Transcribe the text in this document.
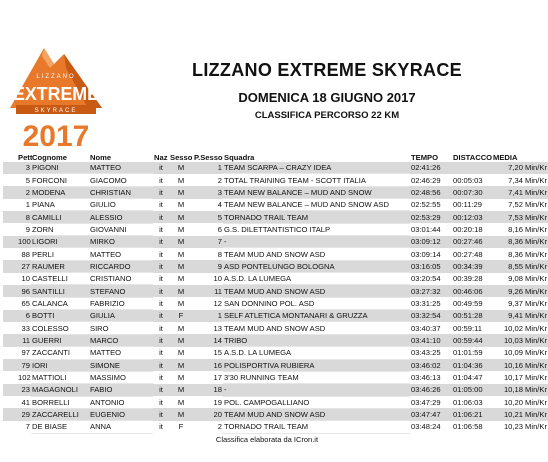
LIZZANO
EXTREME
SKYRACE
2017
LIZZANO EXTREME SKYRACE
DOMENICA 18 GIUGNO 2017
CLASSIFICA PERCORSO 22 KM
	Pett	Cognome	Nome	Naz	Sesso	P.Sesso	Squadra	TEMPO	DISTACCO	MEDIA
	3	PIGONI	MATTEO	it	M	1	TEAM SCARPA – CRAZY IDEA	02:41:26		7,20 Min/Kr
	5	FORCONI	GIACOMO	it	M	2	TOTAL TRAINING TEAM - SCOTT ITALIA	02:46:29	00:05:03	7,34 Min/Kr
	2	MODENA	CHRISTIAN	it	M	3	TEAM NEW BALANCE – MUD AND SNOW	02:48:56	00:07:30	7,41 Min/Kr
	1	PIANA	GIULIO	it	M	4	TEAM NEW BALANCE – MUD AND SNOW ASD	02:52:55	00:11:29	7,52 Min/Kr
	8	CAMILLI	ALESSIO	it	M	5	TORNADO TRAIL TEAM	02:53:29	00:12:03	7,53 Min/Kr
	9	ZORN	GIOVANNI	it	M	6	G.S. DILETTANTISTICO ITALP	03:01:44	00:20:18	8,16 Min/Kr
	100	LIGORI	MIRKO	it	M	7	-	03:09:12	00:27:46	8,36 Min/Kr
	88	PERLI	MATTEO	it	M	8	TEAM MUD AND SNOW ASD	03:09:14	00:27:48	8,36 Min/Kr
	27	RAUMER	RICCARDO	it	M	9	ASD PONTELUNGO BOLOGNA	03:16:05	00:34:39	8,55 Min/Kr
	10	CASTELLI	CRISTIANO	it	M	10	A.S.D. LA LUMEGA	03:20:54	00:39:28	9,08 Min/Kr
	96	SANTILLI	STEFANO	it	M	11	TEAM MUD AND SNOW ASD	03:27:32	00:46:06	9,26 Min/Kr
	65	CALANCA	FABRIZIO	it	M	12	SAN DONNINO POL. ASD	03:31:25	00:49:59	9,37 Min/Kr
	6	BOTTI	GIULIA	it	F	1	SELF ATLETICA MONTANARI & GRUZZA	03:32:54	00:51:28	9,41 Min/Kr
	33	COLESSO	SIRO	it	M	13	TEAM MUD AND SNOW ASD	03:40:37	00:59:11	10,02 Min/Kr
	11	GUERRI	MARCO	it	M	14	TRIBO	03:41:10	00:59:44	10,03 Min/Kr
	97	ZACCANTI	MATTEO	it	M	15	A.S.D. LA LUMEGA	03:43:25	01:01:59	10,09 Min/Kr
	79	IORI	SIMONE	it	M	16	POLISPORTIVA RUBIERA	03:46:02	01:04:36	10,16 Min/Kr
	102	MATTIOLI	MASSIMO	it	M	17	3'30 RUNNING TEAM	03:46:13	01:04:47	10,17 Min/Kr
	23	MAGAGNOLI	FABIO	it	M	18	-	03:46:26	01:05:00	10,18 Min/Kr
	41	BORRELLI	ANTONIO	it	M	19	POL. CAMPOGALLIANO	03:47:29	01:06:03	10,20 Min/Kr
	29	ZACCARELLI	EUGENIO	it	M	20	TEAM MUD AND SNOW ASD	03:47:47	01:06:21	10,21 Min/Kr
	7	DE BIASE	ANNA	it	F	2	TORNADO TRAIL TEAM	03:48:24	01:06:58	10,23 Min/Kr
Classifica elaborata da ICron.it
